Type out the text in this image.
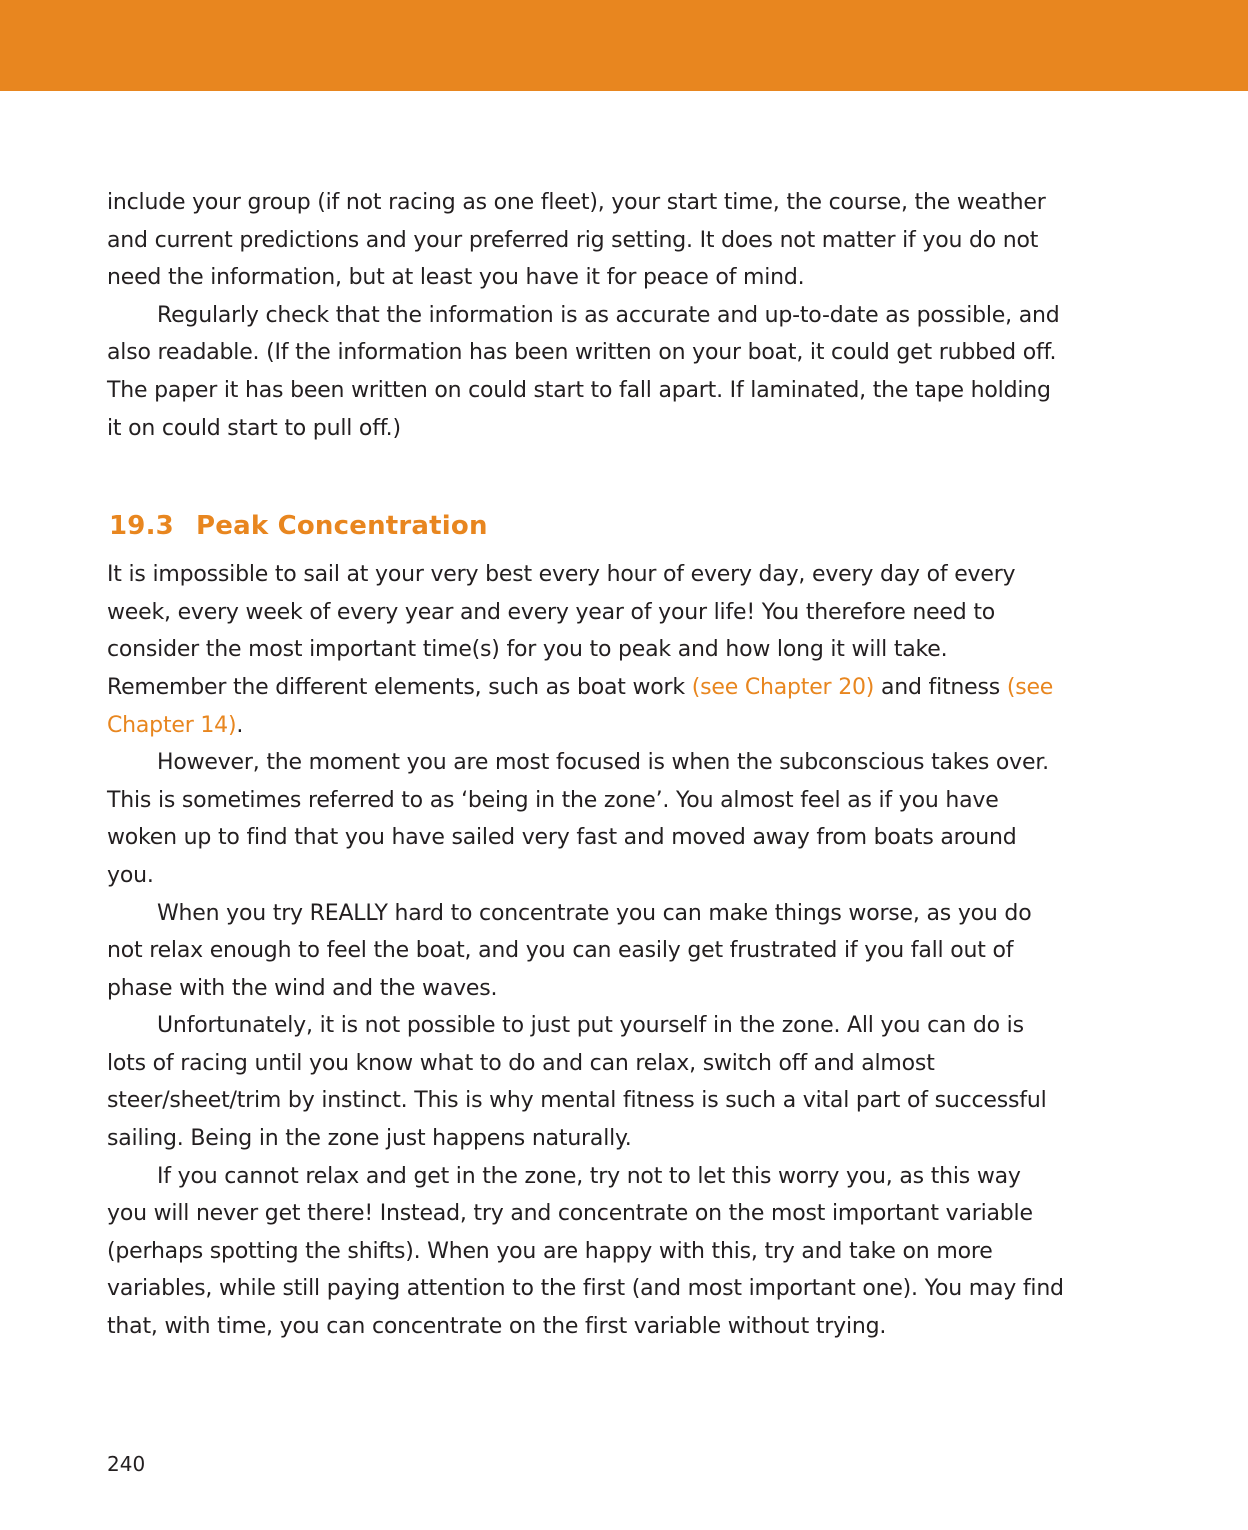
include your group (if not racing as one fleet), your start time, the course, the weather and current predictions and your preferred rig setting. It does not matter if you do not need the information, but at least you have it for peace of mind.

Regularly check that the information is as accurate and up-to-date as possible, and also readable. (If the information has been written on your boat, it could get rubbed off. The paper it has been written on could start to fall apart. If laminated, the tape holding it on could start to pull off.)

19.3 Peak Concentration

It is impossible to sail at your very best every hour of every day, every day of every week, every week of every year and every year of your life! You therefore need to consider the most important time(s) for you to peak and how long it will take. Remember the different elements, such as boat work (see Chapter 20) and fitness (see Chapter 14).

However, the moment you are most focused is when the subconscious takes over. This is sometimes referred to as ‘being in the zone’. You almost feel as if you have woken up to find that you have sailed very fast and moved away from boats around you.

When you try REALLY hard to concentrate you can make things worse, as you do not relax enough to feel the boat, and you can easily get frustrated if you fall out of phase with the wind and the waves.

Unfortunately, it is not possible to just put yourself in the zone. All you can do is lots of racing until you know what to do and can relax, switch off and almost steer/sheet/trim by instinct. This is why mental fitness is such a vital part of successful sailing. Being in the zone just happens naturally.

If you cannot relax and get in the zone, try not to let this worry you, as this way you will never get there! Instead, try and concentrate on the most important variable (perhaps spotting the shifts). When you are happy with this, try and take on more variables, while still paying attention to the first (and most important one). You may find that, with time, you can concentrate on the first variable without trying.

240
